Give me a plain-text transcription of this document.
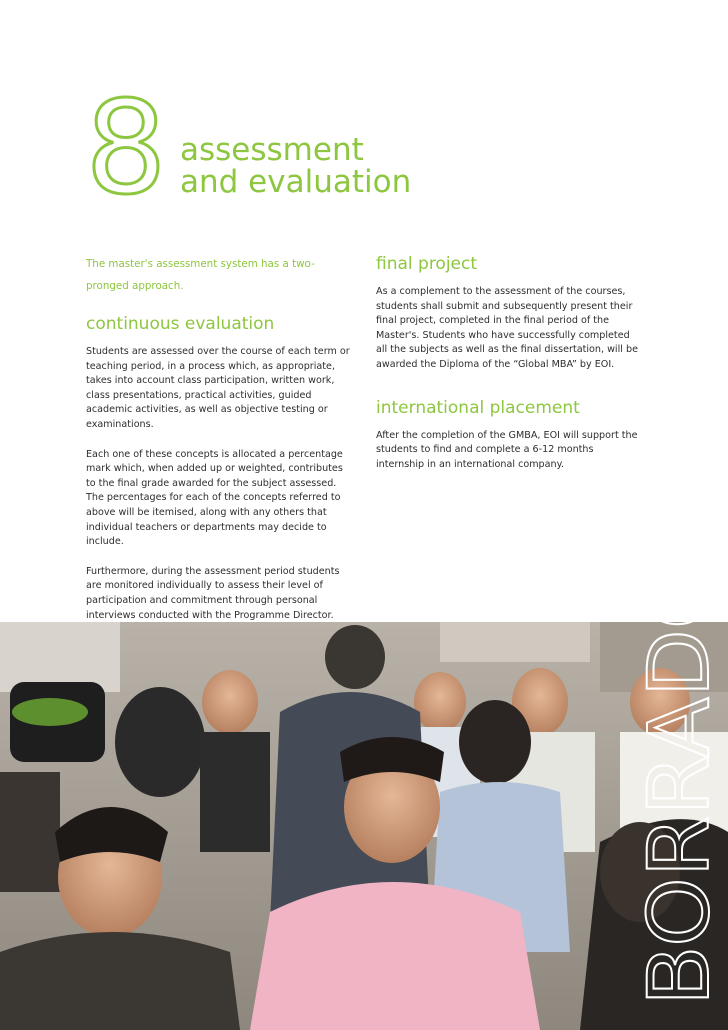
8 assessment
and evaluation
The master's assessment system has a two-pronged approach.
continuous evaluation

Students are assessed over the course of each term or teaching period, in a process which, as appropriate, takes into account class participation, written work, class presentations, practical activities, guided academic activities, as well as objective testing or examinations.

Each one of these concepts is allocated a percentage mark which, when added up or weighted, contributes to the final grade awarded for the subject assessed. The percentages for each of the concepts referred to above will be itemised, along with any others that individual teachers or departments may decide to include.

Furthermore, during the assessment period students are monitored individually to assess their level of participation and commitment through personal interviews conducted with the Programme Director.

final project

As a complement to the assessment of the courses, students shall submit and subsequently present their final project, completed in the final period of the Master's. Students who have successfully completed all the subjects as well as the final dissertation, will be awarded the Diploma of the “Global MBA” by EOI.

international placement

After the completion of the GMBA, EOI will support the students to find and complete a 6-12 months internship in an international company.

BORRADOR
